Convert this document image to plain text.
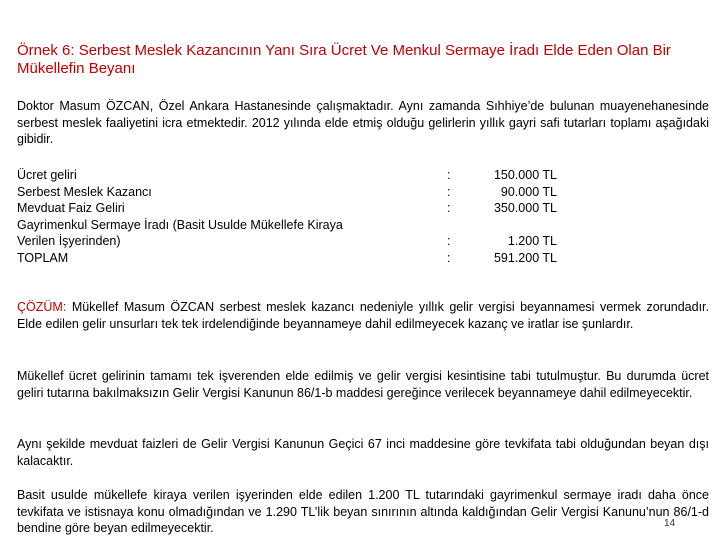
Örnek 6: Serbest Meslek Kazancının Yanı Sıra Ücret Ve Menkul Sermaye İradı Elde Eden Olan Bir Mükellefin Beyanı
Doktor Masum ÖZCAN, Özel Ankara Hastanesinde çalışmaktadır. Aynı zamanda Sıhhiye’de bulunan muayenehanesinde serbest meslek faaliyetini icra etmektedir. 2012 yılında elde etmiş olduğu gelirlerin yıllık gayri safi tutarları toplamı aşağıdaki gibidir.
Ücret geliri	:	150.000 TL
Serbest Meslek Kazancı	:	90.000 TL
Mevduat Faiz Geliri	:	350.000 TL
Gayrimenkul Sermaye İradı (Basit Usulde Mükellefe Kiraya Verilen İşyerinden)	:	1.200 TL
TOPLAM	:	591.200 TL
ÇÖZÜM: Mükellef Masum ÖZCAN serbest meslek kazancı nedeniyle yıllık gelir vergisi beyannamesi vermek zorundadır. Elde edilen gelir unsurları tek tek irdelendiğinde beyannameye dahil edilmeyecek kazanç ve iratlar ise şunlardır.
Mükellef ücret gelirinin tamamı tek işverenden elde edilmiş ve gelir vergisi kesintisine tabi tutulmuştur. Bu durumda ücret geliri tutarına bakılmaksızın Gelir Vergisi Kanunun 86/1-b maddesi gereğince verilecek beyannameye dahil edilmeyecektir.
Aynı şekilde mevduat faizleri de Gelir Vergisi Kanunun Geçici 67 inci maddesine göre tevkifata tabi olduğundan beyan dışı kalacaktır.
Basit usulde mükellefe kiraya verilen işyerinden elde edilen 1.200 TL tutarındaki gayrimenkul sermaye iradı daha önce tevkifata ve istisnaya konu olmadığından ve 1.290 TL’lik beyan sınırının altında kaldığından Gelir Vergisi Kanunu’nun 86/1-d bendine göre beyan edilmeyecektir.	14
